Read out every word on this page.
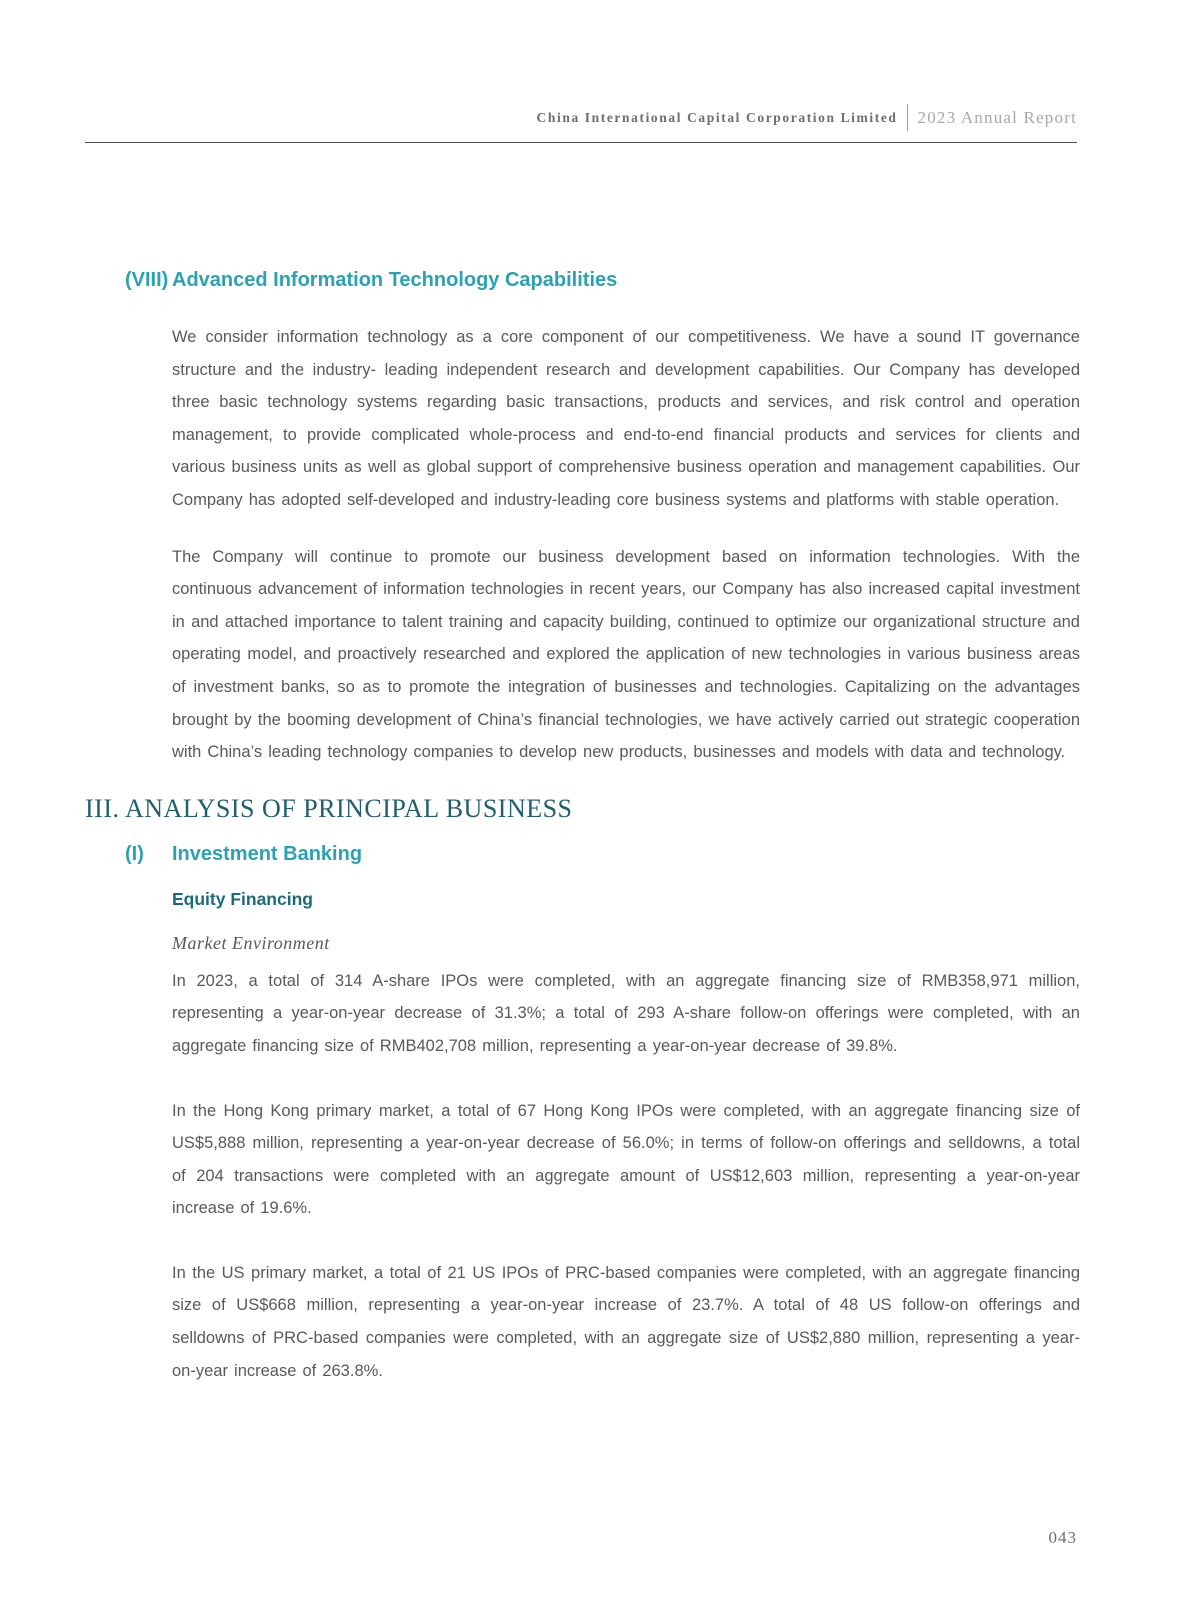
China International Capital Corporation Limited 2023 Annual Report
(VIII) Advanced Information Technology Capabilities

We consider information technology as a core component of our competitiveness. We have a sound IT governance structure and the industry- leading independent research and development capabilities. Our Company has developed three basic technology systems regarding basic transactions, products and services, and risk control and operation management, to provide complicated whole-process and end-to-end financial products and services for clients and various business units as well as global support of comprehensive business operation and management capabilities. Our Company has adopted self-developed and industry-leading core business systems and platforms with stable operation.

The Company will continue to promote our business development based on information technologies. With the continuous advancement of information technologies in recent years, our Company has also increased capital investment in and attached importance to talent training and capacity building, continued to optimize our organizational structure and operating model, and proactively researched and explored the application of new technologies in various business areas of investment banks, so as to promote the integration of businesses and technologies. Capitalizing on the advantages brought by the booming development of China’s financial technologies, we have actively carried out strategic cooperation with China’s leading technology companies to develop new products, businesses and models with data and technology.

III. ANALYSIS OF PRINCIPAL BUSINESS
(I)	Investment Banking
Equity Financing
Market Environment

In 2023, a total of 314 A-share IPOs were completed, with an aggregate financing size of RMB358,971 million, representing a year-on-year decrease of 31.3%; a total of 293 A-share follow-on offerings were completed, with an aggregate financing size of RMB402,708 million, representing a year-on-year decrease of 39.8%.

In the Hong Kong primary market, a total of 67 Hong Kong IPOs were completed, with an aggregate financing size of US$5,888 million, representing a year-on-year decrease of 56.0%; in terms of follow-on offerings and selldowns, a total of 204 transactions were completed with an aggregate amount of US$12,603 million, representing a year-on-year increase of 19.6%.

In the US primary market, a total of 21 US IPOs of PRC-based companies were completed, with an aggregate financing size of US$668 million, representing a year-on-year increase of 23.7%. A total of 48 US follow-on offerings and selldowns of PRC-based companies were completed, with an aggregate size of US$2,880 million, representing a year-on-year increase of 263.8%.

043
